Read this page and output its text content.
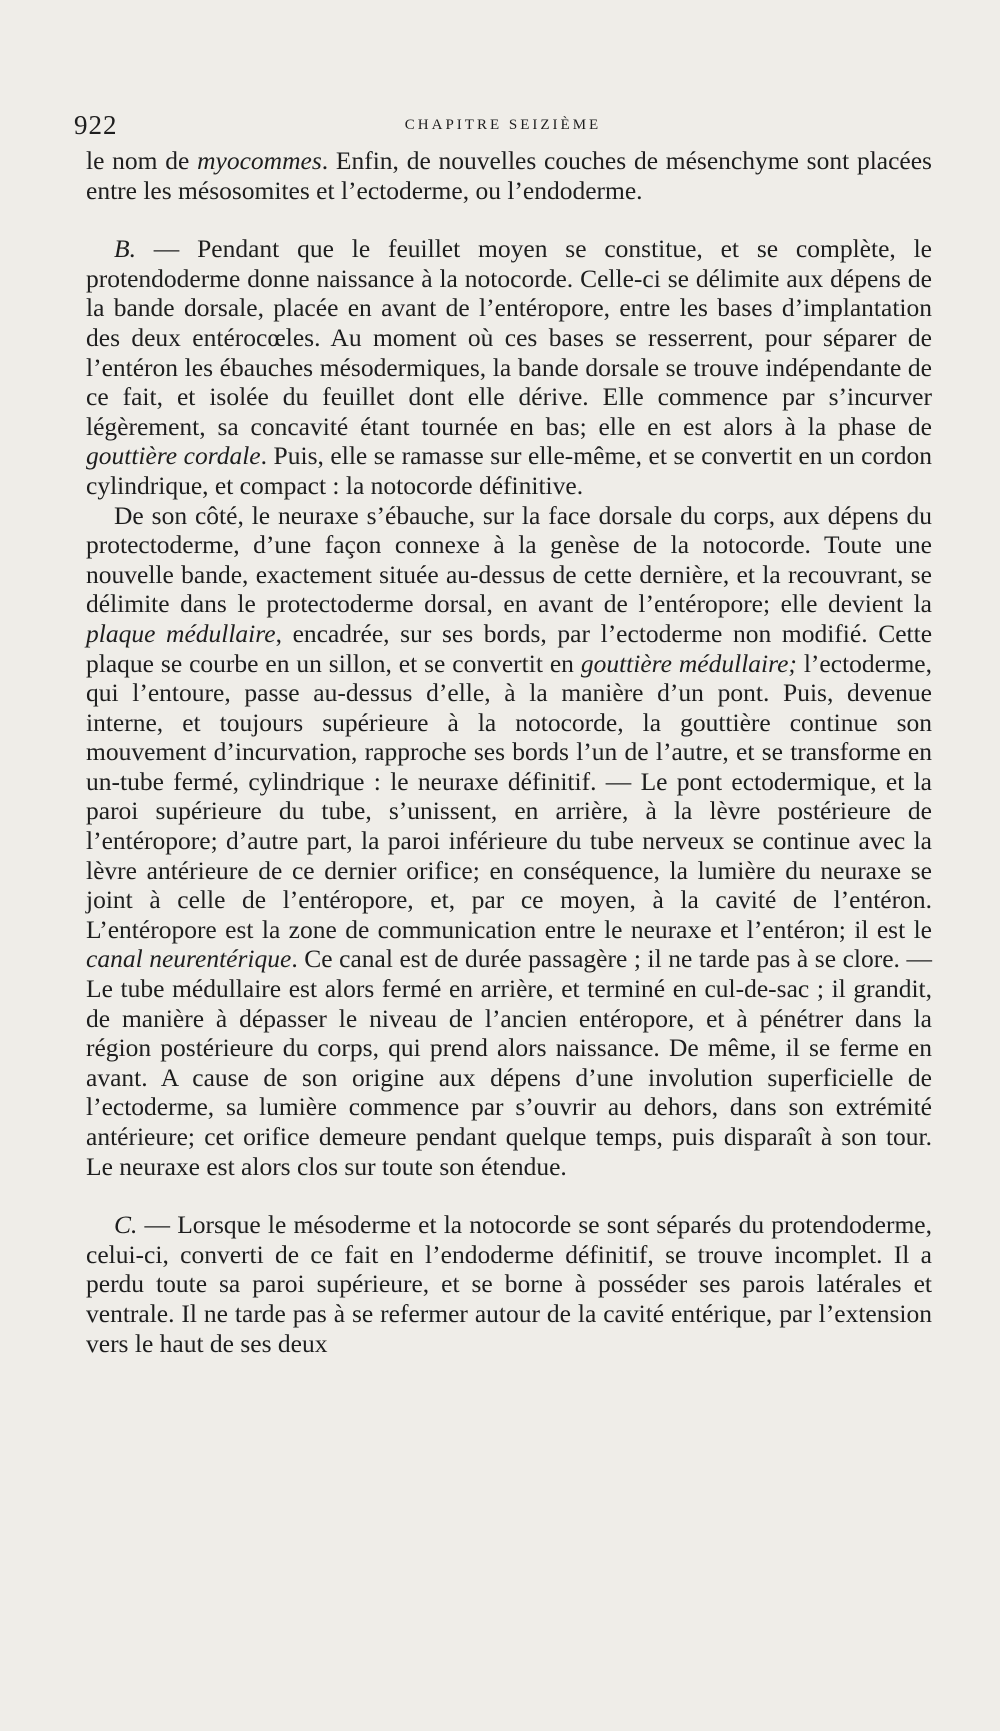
922	CHAPITRE SEIZIÈME

le nom de myocommes. Enfin, de nouvelles couches de mésenchyme sont placées entre les mésosomites et l’ectoderme, ou l’endoderme.

B. — Pendant que le feuillet moyen se constitue, et se complète, le protendoderme donne naissance à la notocorde. Celle-ci se délimite aux dépens de la bande dorsale, placée en avant de l’entéropore, entre les bases d’implantation des deux entérocœles. Au moment où ces bases se resserrent, pour séparer de l’entéron les ébauches mésodermiques, la bande dorsale se trouve indépendante de ce fait, et isolée du feuillet dont elle dérive. Elle commence par s’incurver légèrement, sa concavité étant tournée en bas; elle en est alors à la phase de gouttière cordale. Puis, elle se ramasse sur elle-même, et se convertit en un cordon cylindrique, et compact : la notocorde définitive.

De son côté, le neuraxe s’ébauche, sur la face dorsale du corps, aux dépens du protectoderme, d’une façon connexe à la genèse de la notocorde. Toute une nouvelle bande, exactement située au-dessus de cette dernière, et la recouvrant, se délimite dans le protectoderme dorsal, en avant de l’entéropore; elle devient la plaque médullaire, encadrée, sur ses bords, par l’ectoderme non modifié. Cette plaque se courbe en un sillon, et se convertit en gouttière médullaire; l’ectoderme, qui l’entoure, passe au-dessus d’elle, à la manière d’un pont. Puis, devenue interne, et toujours supérieure à la notocorde, la gouttière continue son mouvement d’incurvation, rapproche ses bords l’un de l’autre, et se transforme en un-tube fermé, cylindrique : le neuraxe définitif. — Le pont ectodermique, et la paroi supérieure du tube, s’unissent, en arrière, à la lèvre postérieure de l’entéropore; d’autre part, la paroi inférieure du tube nerveux se continue avec la lèvre antérieure de ce dernier orifice; en conséquence, la lumière du neuraxe se joint à celle de l’entéropore, et, par ce moyen, à la cavité de l’entéron. L’entéropore est la zone de communication entre le neuraxe et l’entéron; il est le canal neurentérique. Ce canal est de durée passagère ; il ne tarde pas à se clore. — Le tube médullaire est alors fermé en arrière, et terminé en cul-de-sac ; il grandit, de manière à dépasser le niveau de l’ancien entéropore, et à pénétrer dans la région postérieure du corps, qui prend alors naissance. De même, il se ferme en avant. A cause de son origine aux dépens d’une involution superficielle de l’ectoderme, sa lumière commence par s’ouvrir au dehors, dans son extrémité antérieure; cet orifice demeure pendant quelque temps, puis disparaît à son tour. Le neuraxe est alors clos sur toute son étendue.

C. — Lorsque le mésoderme et la notocorde se sont séparés du protendoderme, celui-ci, converti de ce fait en l’endoderme définitif, se trouve incomplet. Il a perdu toute sa paroi supérieure, et se borne à posséder ses parois latérales et ventrale. Il ne tarde pas à se refermer autour de la cavité entérique, par l’extension vers le haut de ses deux
